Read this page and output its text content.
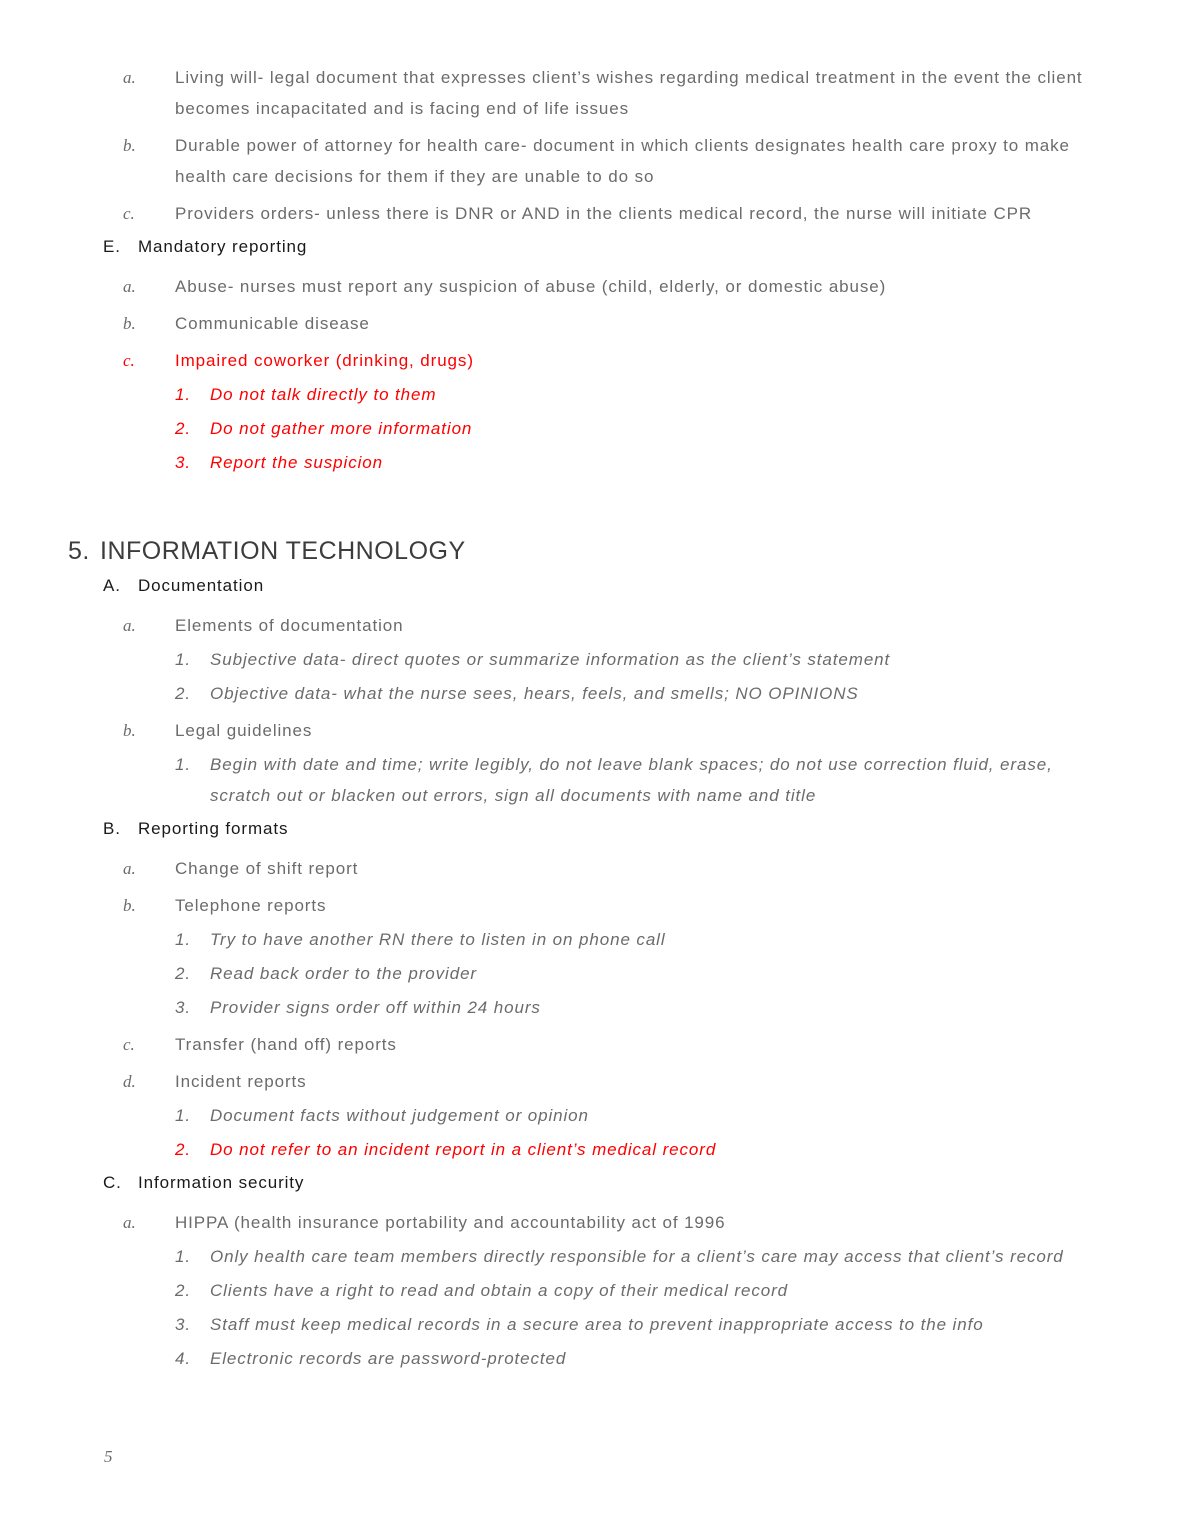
a. Living will- legal document that expresses client’s wishes regarding medical treatment in the event the client becomes incapacitated and is facing end of life issues
b. Durable power of attorney for health care- document in which clients designates health care proxy to make health care decisions for them if they are unable to do so
c. Providers orders- unless there is DNR or AND in the clients medical record, the nurse will initiate CPR
E. Mandatory reporting
a. Abuse- nurses must report any suspicion of abuse (child, elderly, or domestic abuse)
b. Communicable disease
c. Impaired coworker (drinking, drugs)
1. Do not talk directly to them
2. Do not gather more information
3. Report the suspicion
5. INFORMATION TECHNOLOGY
A. Documentation
a. Elements of documentation
1. Subjective data- direct quotes or summarize information as the client’s statement
2. Objective data- what the nurse sees, hears, feels, and smells; NO OPINIONS
b. Legal guidelines
1. Begin with date and time; write legibly, do not leave blank spaces; do not use correction fluid, erase, scratch out or blacken out errors, sign all documents with name and title
B. Reporting formats
a. Change of shift report
b. Telephone reports
1. Try to have another RN there to listen in on phone call
2. Read back order to the provider
3. Provider signs order off within 24 hours
c. Transfer (hand off) reports
d. Incident reports
1. Document facts without judgement or opinion
2. Do not refer to an incident report in a client’s medical record
C. Information security
a. HIPPA (health insurance portability and accountability act of 1996
1. Only health care team members directly responsible for a client’s care may access that client’s record
2. Clients have a right to read and obtain a copy of their medical record
3. Staff must keep medical records in a secure area to prevent inappropriate access to the info
4. Electronic records are password-protected
5
